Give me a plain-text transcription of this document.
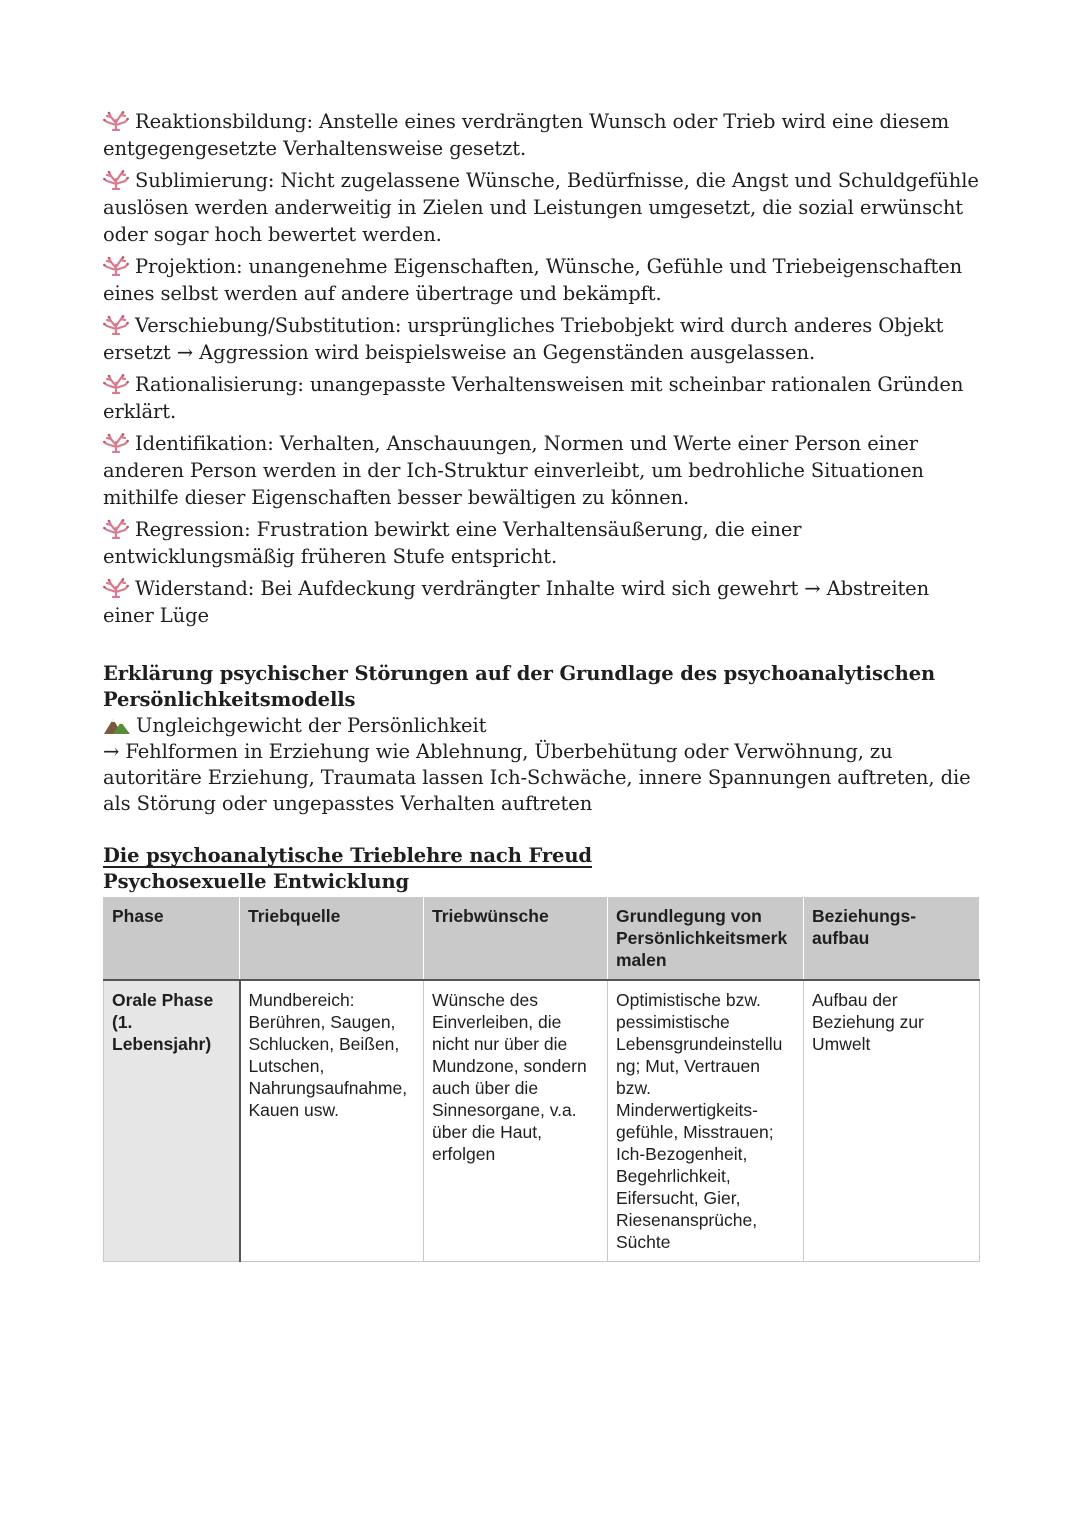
Reaktionsbildung: Anstelle eines verdrängten Wunsch oder Trieb wird eine diesem entgegengesetzte Verhaltensweise gesetzt.

Sublimierung: Nicht zugelassene Wünsche, Bedürfnisse, die Angst und Schuldgefühle auslösen werden anderweitig in Zielen und Leistungen umgesetzt, die sozial erwünscht oder sogar hoch bewertet werden.

Projektion: unangenehme Eigenschaften, Wünsche, Gefühle und Triebeigenschaften eines selbst werden auf andere übertrage und bekämpft.

Verschiebung/Substitution: ursprüngliches Triebobjekt wird durch anderes Objekt ersetzt → Aggression wird beispielsweise an Gegenständen ausgelassen.

Rationalisierung: unangepasste Verhaltensweisen mit scheinbar rationalen Gründen erklärt.

Identifikation: Verhalten, Anschauungen, Normen und Werte einer Person einer anderen Person werden in der Ich-Struktur einverleibt, um bedrohliche Situationen mithilfe dieser Eigenschaften besser bewältigen zu können.

Regression: Frustration bewirkt eine Verhaltensäußerung, die einer entwicklungsmäßig früheren Stufe entspricht.

Widerstand: Bei Aufdeckung verdrängter Inhalte wird sich gewehrt → Abstreiten einer Lüge

Erklärung psychischer Störungen auf der Grundlage des psychoanalytischen Persönlichkeitsmodells

Ungleichgewicht der Persönlichkeit

→ Fehlformen in Erziehung wie Ablehnung, Überbehütung oder Verwöhnung, zu autoritäre Erziehung, Traumata lassen Ich-Schwäche, innere Spannungen auftreten, die als Störung oder ungepasstes Verhalten auftreten

Die psychoanalytische Trieblehre nach Freud

Psychosexuelle Entwicklung

Phase	Triebquelle	Triebwünsche	Grundlegung von Persönlichkeitsmerk malen	Beziehungs- aufbau
Orale Phase (1. Lebensjahr)	Mundbereich: Berühren, Saugen, Schlucken, Beißen, Lutschen, Nahrungsaufnahme, Kauen usw.	Wünsche des Einverleiben, die nicht nur über die Mundzone, sondern auch über die Sinnesorgane, v.a. über die Haut, erfolgen	Optimistische bzw. pessimistische Lebensgrundeinstellu ng; Mut, Vertrauen bzw. Minderwertigkeits- gefühle, Misstrauen; Ich-Bezogenheit, Begehrlichkeit, Eifersucht, Gier, Riesenansprüche, Süchte	Aufbau der Beziehung zur Umwelt
